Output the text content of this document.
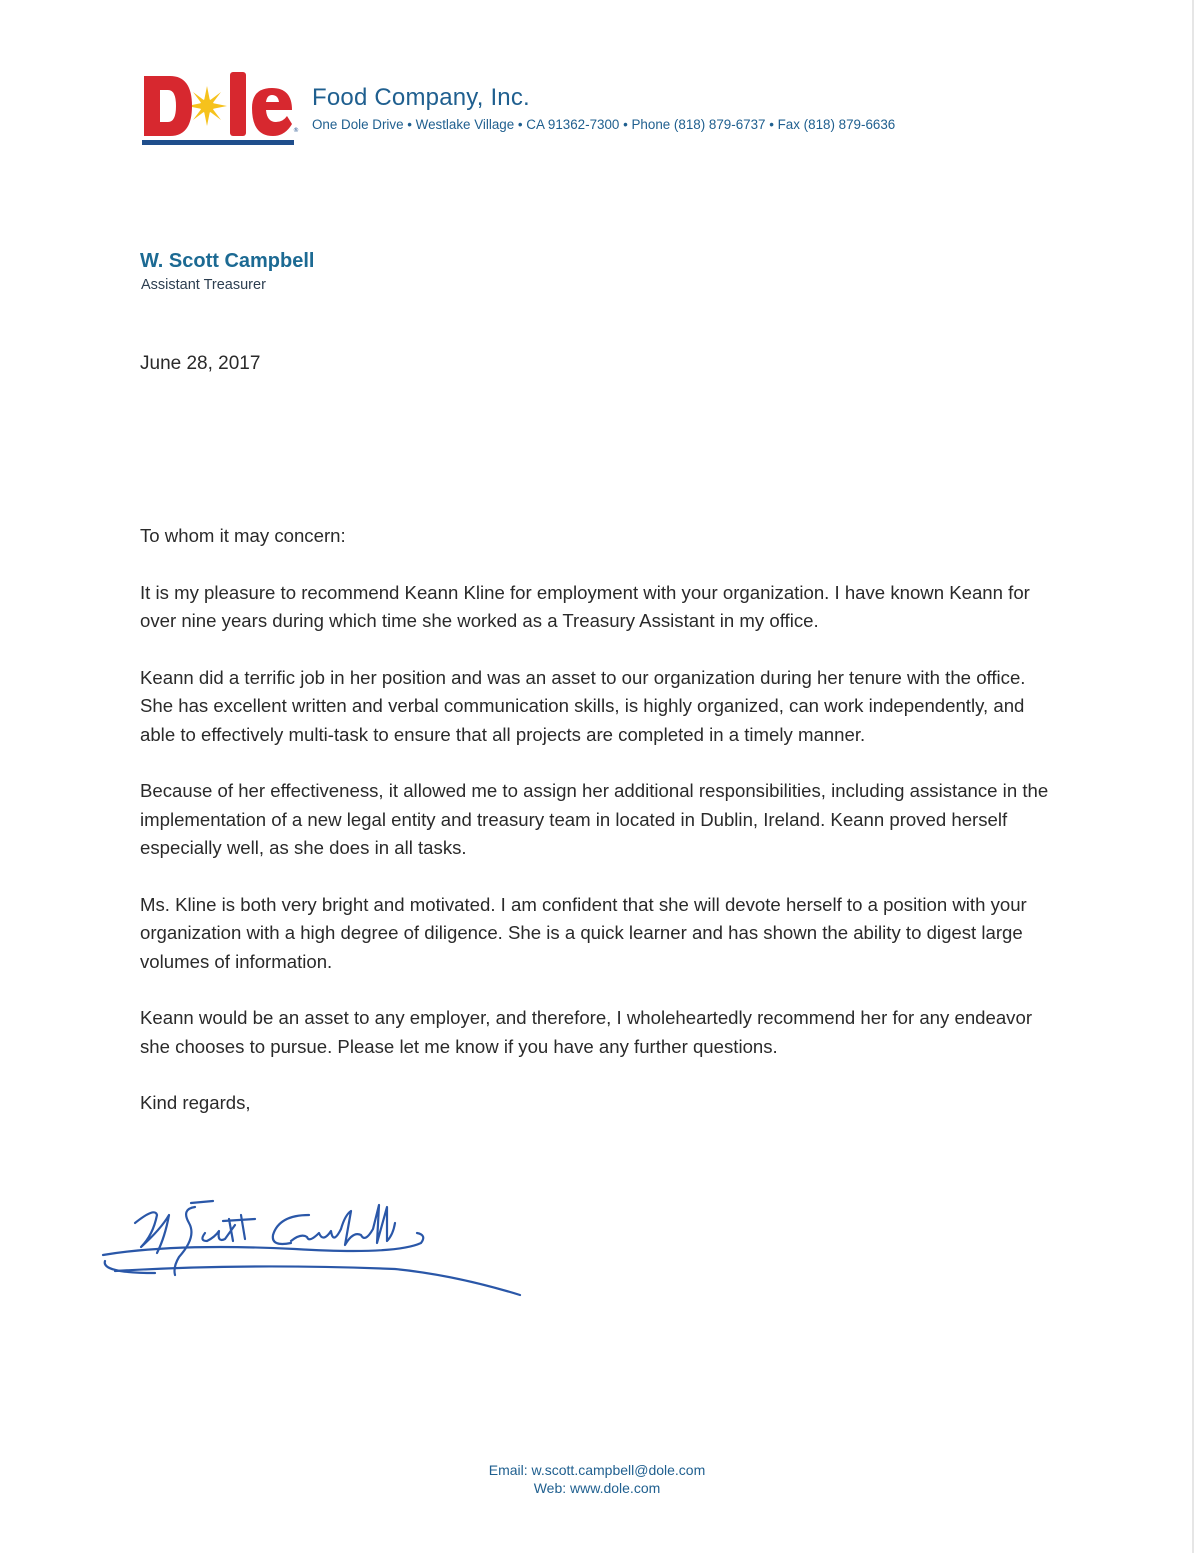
®
Food Company, Inc.
One Dole Drive • Westlake Village • CA 91362-7300 • Phone (818) 879-6737 • Fax (818) 879-6636
W. Scott Campbell
Assistant Treasurer
June 28, 2017

To whom it may concern:

It is my pleasure to recommend Keann Kline for employment with your organization. I have known Keann for over nine years during which time she worked as a Treasury Assistant in my office.

Keann did a terrific job in her position and was an asset to our organization during her tenure with the office. She has excellent written and verbal communication skills, is highly organized, can work independently, and able to effectively multi-task to ensure that all projects are completed in a timely manner.

Because of her effectiveness, it allowed me to assign her additional responsibilities, including assistance in the implementation of a new legal entity and treasury team in located in Dublin, Ireland. Keann proved herself especially well, as she does in all tasks.

Ms. Kline is both very bright and motivated. I am confident that she will devote herself to a position with your organization with a high degree of diligence. She is a quick learner and has shown the ability to digest large volumes of information.

Keann would be an asset to any employer, and therefore, I wholeheartedly recommend her for any endeavor she chooses to pursue. Please let me know if you have any further questions.

Kind regards,

Email: w.scott.campbell@dole.com
Web: www.dole.com
